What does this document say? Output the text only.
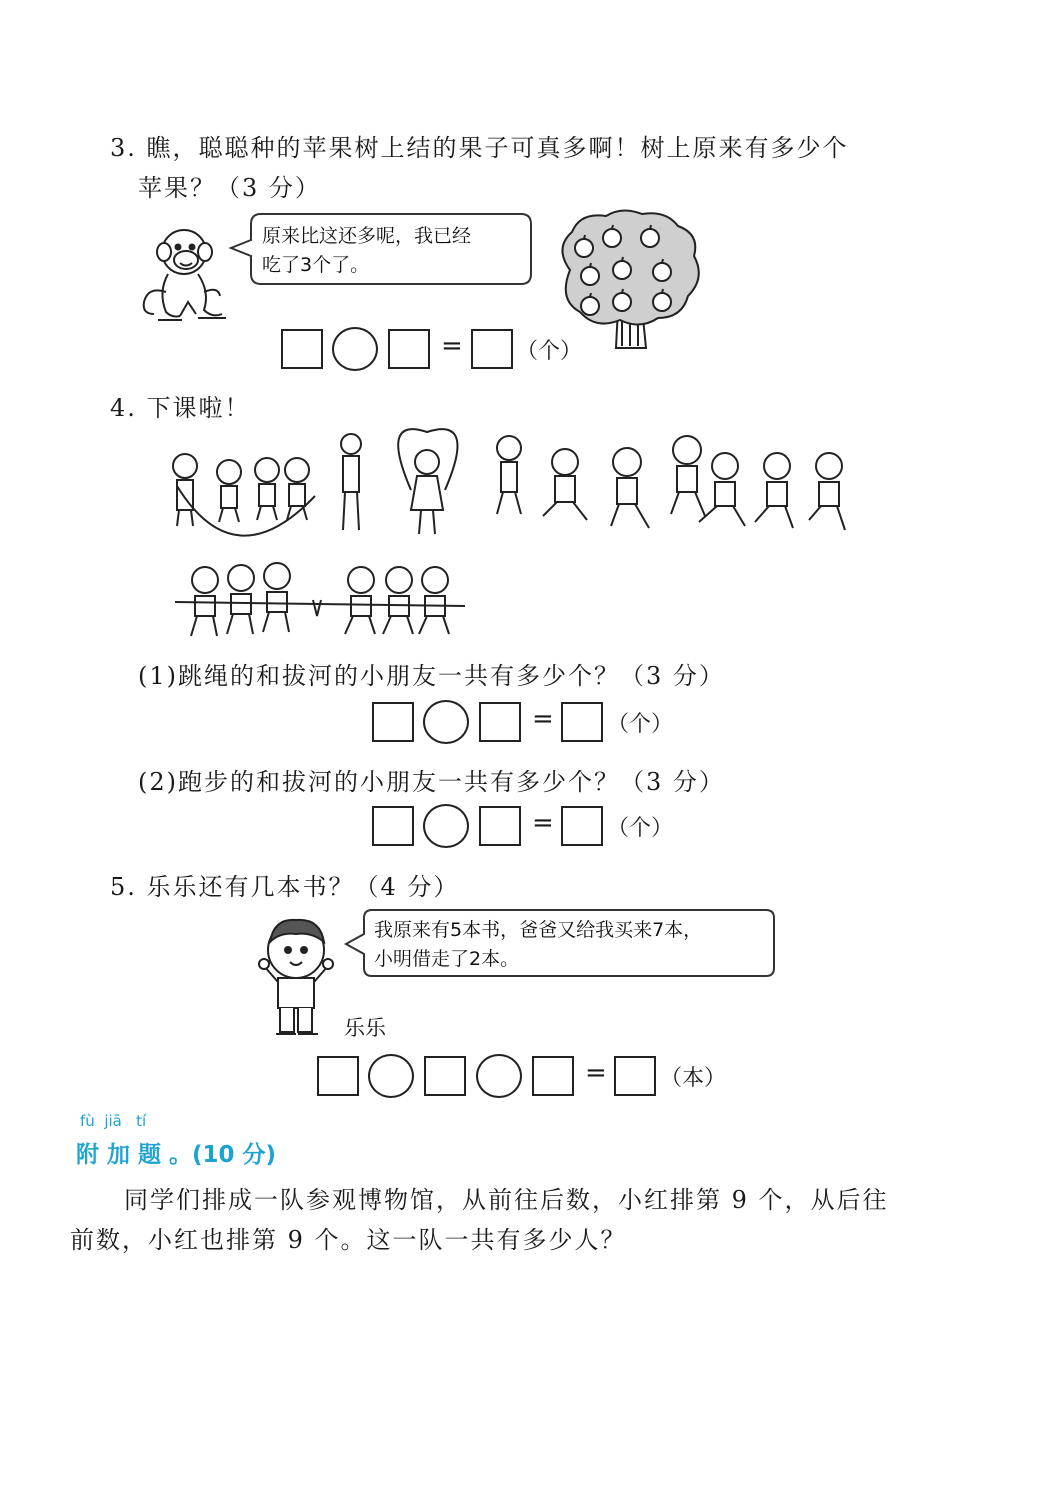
3. 瞧，聪聪种的苹果树上结的果子可真多啊！树上原来有多少个
苹果？（3 分）
原来比这还多呢，我已经
吃了3个了。
= （个）
4. 下课啦！
(1)跳绳的和拔河的小朋友一共有多少个？（3 分）
= （个）
(2)跑步的和拔河的小朋友一共有多少个？（3 分）
= （个）
5. 乐乐还有几本书？（4 分）
我原来有5本书，爸爸又给我买来7本，
小明借走了2本。
乐乐
= （本）
fù  jiā   tí
附 加 题 。(10 分)
同学们排成一队参观博物馆，从前往后数，小红排第 9 个，从后往
前数，小红也排第 9 个。这一队一共有多少人？
